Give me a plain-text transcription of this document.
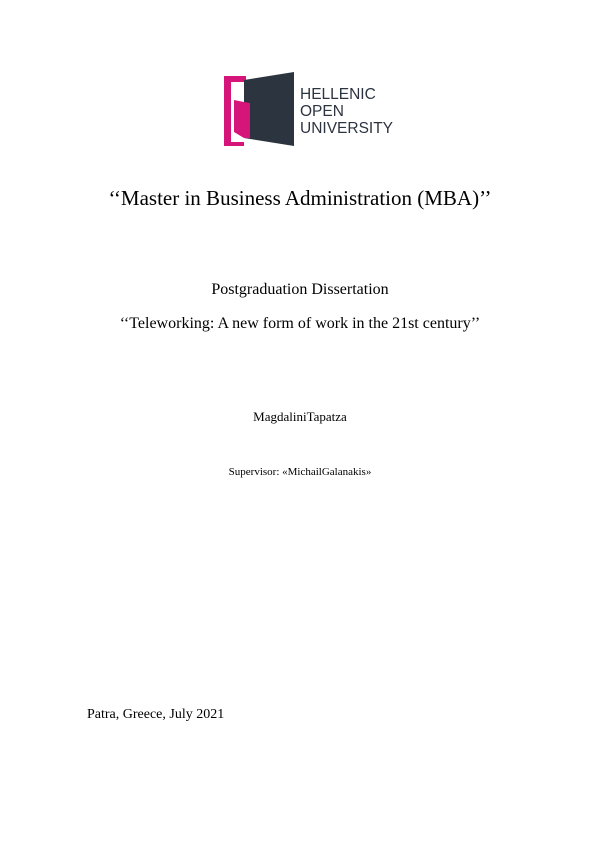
HELLENIC
OPEN
UNIVERSITY
‘‘Master in Business Administration (MBA)’’
Postgraduation Dissertation
‘‘Teleworking: A new form of work in the 21st century’’
MagdaliniTapatza
Supervisor: «MichailGalanakis»
Patra, Greece, July 2021
